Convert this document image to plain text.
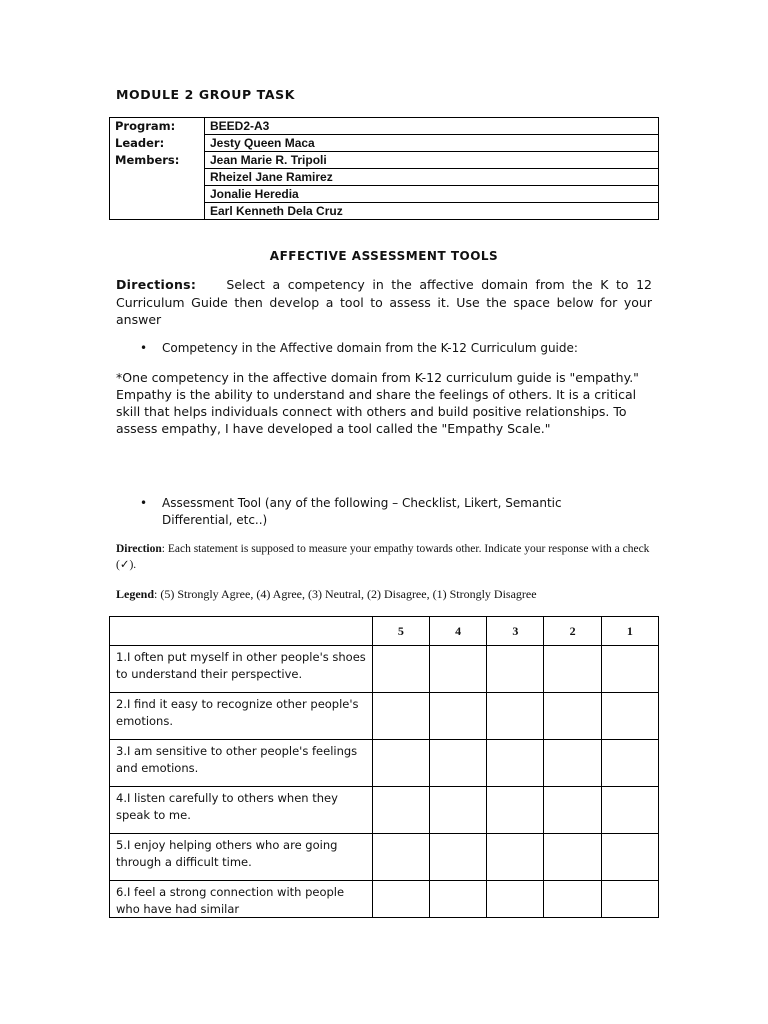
MODULE 2 GROUP TASK
Program:	BEED2-A3
Leader:	Jesty Queen Maca
Members:	Jean Marie R. Tripoli
	Rheizel Jane Ramirez
	Jonalie Heredia
	Earl Kenneth Dela Cruz
AFFECTIVE ASSESSMENT TOOLS
Directions: Select a competency in the affective domain from the K to 12 Curriculum Guide then develop a tool to assess it. Use the space below for your answer
• Competency in the Affective domain from the K-12 Curriculum guide:
*One competency in the affective domain from K-12 curriculum guide is "empathy." Empathy is the ability to understand and share the feelings of others. It is a critical skill that helps individuals connect with others and build positive relationships. To assess empathy, I have developed a tool called the "Empathy Scale."
• Assessment Tool (any of the following – Checklist, Likert, Semantic Differential, etc..)
Direction: Each statement is supposed to measure your empathy towards other. Indicate your response with a check (✓).
Legend: (5) Strongly Agree, (4) Agree, (3) Neutral, (2) Disagree, (1) Strongly Disagree
	5	4	3	2	1
1.I often put myself in other people's shoes to understand their perspective.					
2.I find it easy to recognize other people's emotions.					
3.I am sensitive to other people's feelings and emotions.					
4.I listen carefully to others when they speak to me.					
5.I enjoy helping others who are going through a difficult time.					
6.I feel a strong connection with people who have had similar					
